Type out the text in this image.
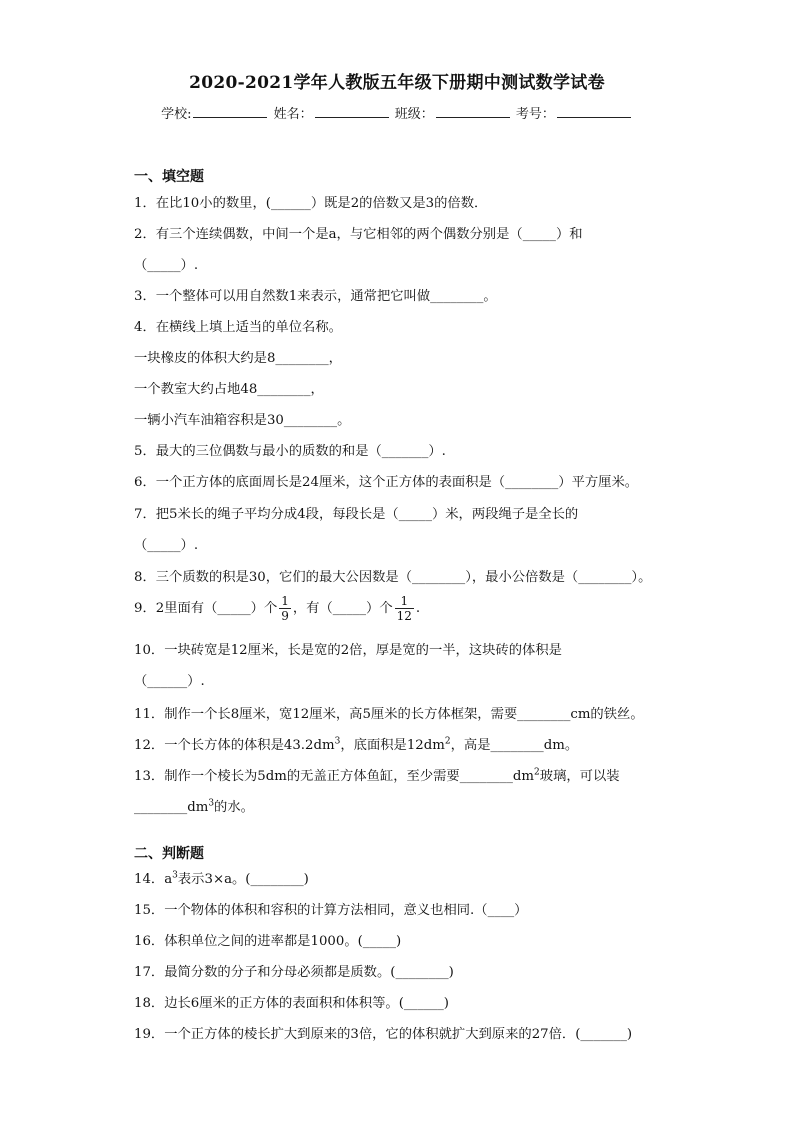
2020-2021学年人教版五年级下册期中测试数学试卷
学校:	姓名：	班级：	考号：
一、填空题
1．在比10小的数里，(______）既是2的倍数又是3的倍数．
2．有三个连续偶数，中间一个是a，与它相邻的两个偶数分别是（_____）和
（_____）.
3．一个整体可以用自然数1来表示，通常把它叫做________。
4．在横线上填上适当的单位名称。
一块橡皮的体积大约是8________，
一个教室大约占地48________，
一辆小汽车油箱容积是30________。
5．最大的三位偶数与最小的质数的和是（_______）.
6．一个正方体的底面周长是24厘米，这个正方体的表面积是（________）平方厘米。
7．把5米长的绳子平均分成4段，每段长是（_____）米，两段绳子是全长的
（_____）.
8．三个质数的积是30，它们的最大公因数是（________），最小公倍数是（________）。
9．2里面有（_____）个 $\frac{1}{9}$ ，有（_____）个 $\frac{1}{12}$ .
10．一块砖宽是12厘米，长是宽的2倍，厚是宽的一半，这块砖的体积是
（______）.
11．制作一个长8厘米，宽12厘米，高5厘米的长方体框架，需要________cm的铁丝。
12．一个长方体的体积是$43.2dm^3$，底面积是$12dm^2$，高是________dm。
13．制作一个棱长为5dm的无盖正方体鱼缸，至少需要$\_\_\_\_\_\_\_\_dm^2$玻璃，可以装
$\_\_\_\_\_\_\_\_dm^3$的水。
二、判断题
14．$a^3$表示3×a。(________)
15．一个物体的体积和容积的计算方法相同，意义也相同.（____）
16．体积单位之间的进率都是1000。(_____)
17．最简分数的分子和分母必须都是质数。(________)
18．边长6厘米的正方体的表面积和体积等。(______)
19．一个正方体的棱长扩大到原来的3倍，它的体积就扩大到原来的27倍．(_______)
